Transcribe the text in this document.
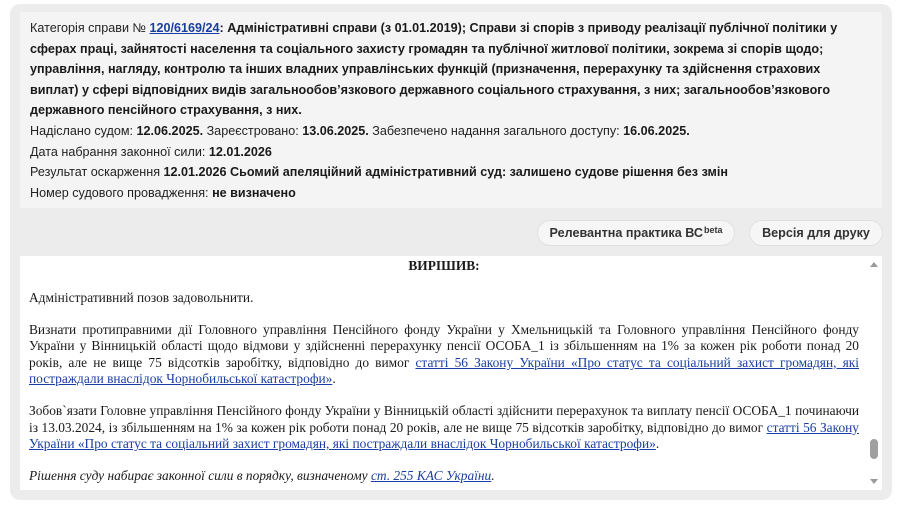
Категорія справи № 120/6169/24: Адміністративні справи (з 01.01.2019); Справи зі спорів з приводу реалізації публічної політики у сферах праці, зайнятості населення та соціального захисту громадян та публічної житлової політики, зокрема зі спорів щодо; управління, нагляду, контролю та інших владних управлінських функцій (призначення, перерахунку та здійснення страхових виплат) у сфері відповідних видів загальнообов’язкового державного соціального страхування, з них; загальнообов’язкового державного пенсійного страхування, з них.

Надіслано судом: 12.06.2025. Зареєстровано: 13.06.2025. Забезпечено надання загального доступу: 16.06.2025.

Дата набрання законної сили: 12.01.2026

Результат оскарження 12.01.2026 Сьомий апеляційний адміністративний суд: залишено судове рішення без змін

Номер судового провадження: не визначено

Релевантна практика $ВС^{beta}$	Версія для друку

ВИРІШИВ:

Адміністративний позов задовольнити.

Визнати протиправними дії Головного управління Пенсійного фонду України у Хмельницькій та Головного управління Пенсійного фонду України у Вінницькій області щодо відмови у здійсненні перерахунку пенсії ОСОБА_1 із збільшенням на 1% за кожен рік роботи понад 20 років, але не вище 75 відсотків заробітку, відповідно до вимог статті 56 Закону України «Про статус та соціальний захист громадян, які постраждали внаслідок Чорнобильської катастрофи».

Зобов`язати Головне управління Пенсійного фонду України у Вінницькій області здійснити перерахунок та виплату пенсії ОСОБА_1 починаючи із 13.03.2024, із збільшенням на 1% за кожен рік роботи понад 20 років, але не вище 75 відсотків заробітку, відповідно до вимог статті 56 Закону України «Про статус та соціальний захист громадян, які постраждали внаслідок Чорнобильської катастрофи».

Рішення суду набирає законної сили в порядку, визначеному ст. 255 КАС України.
